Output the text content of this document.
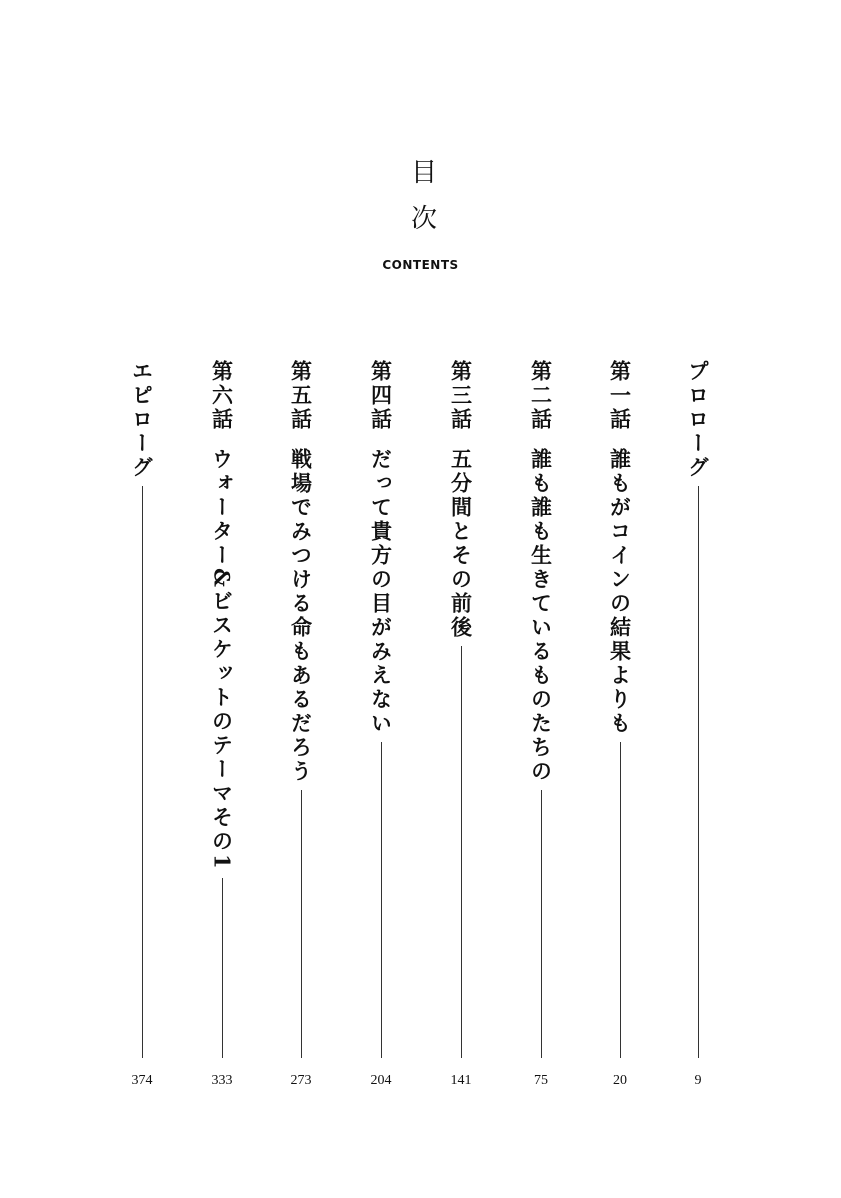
目
次
CONTENTS
プロローグ
9
第一話
誰もがコインの結果よりも
20
第二話
誰も誰も生きているものたちの
75
第三話
五分間とその前後
141
第四話
だって貴方の目がみえない
204
第五話
戦場でみつける命もあるだろう
273
第六話
ウォーター&ビスケットのテーマその1
333
エピローグ
374
